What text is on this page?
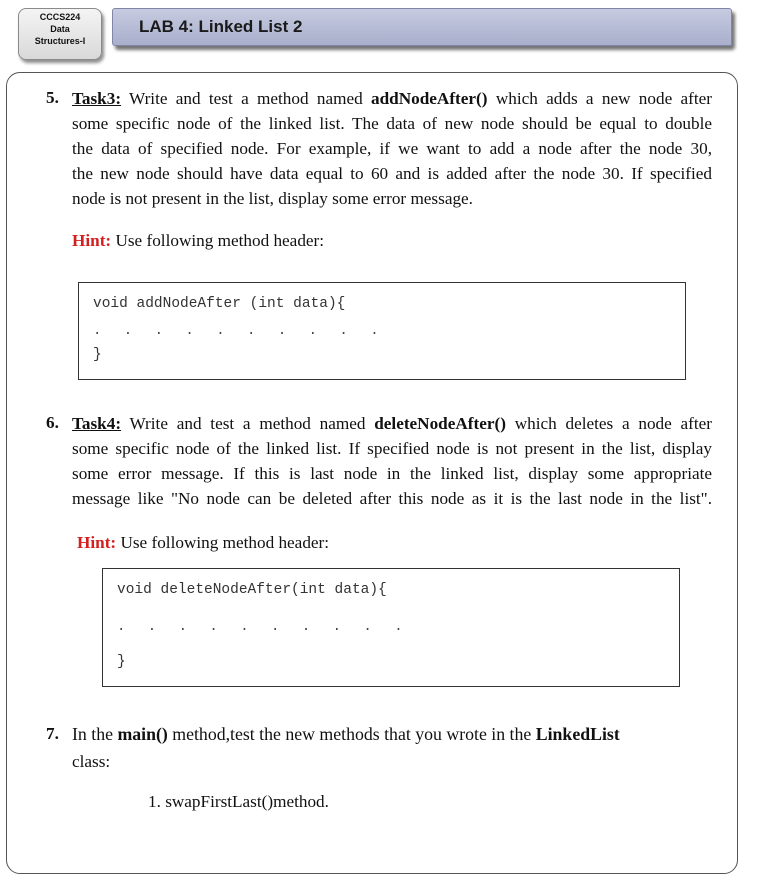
CCCS224
Data
Structures-I
LAB 4: Linked List 2
5. Task3: Write and test a method named addNodeAfter() which adds a new node after
some specific node of the linked list. The data of new node should be equal to double
the data of specified node. For example, if we want to add a node after the node 30,
the new node should have data equal to 60 and is added after the node 30. If specified
node is not present in the list, display some error message.
Hint: Use following method header:
void addNodeAfter (int data){
. . . . . . . . . .
}
6. Task4: Write and test a method named deleteNodeAfter() which deletes a node after
some specific node of the linked list. If specified node is not present in the list, display
some error message. If this is last node in the linked list, display some appropriate
message like "No node can be deleted after this node as it is the last node in the list".
Hint: Use following method header:
void deleteNodeAfter(int data){
. . . . . . . . . .
}
7. In the main() method,test the new methods that you wrote in the LinkedList
class:
1. swapFirstLast()method.
